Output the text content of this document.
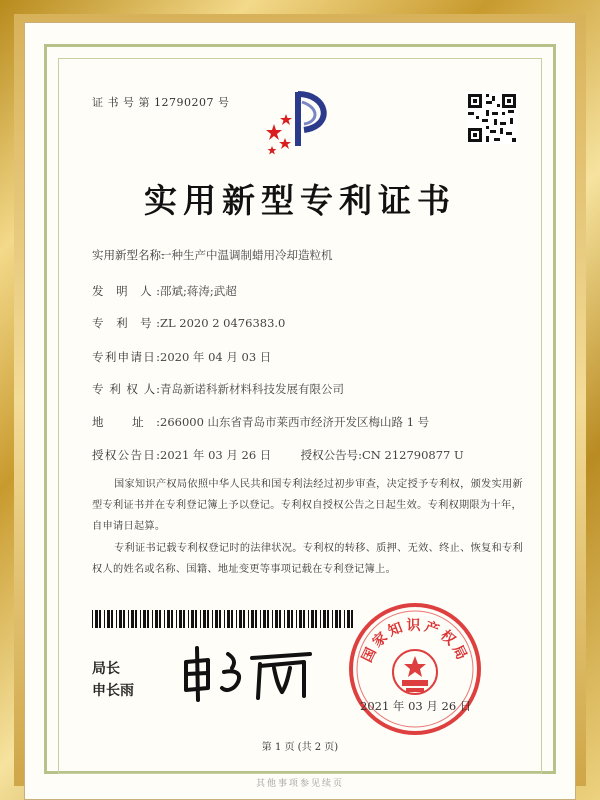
证 书 号 第 12790207 号
实用新型专利证书
实用新型名称:一种生产中温调制蜡用冷却造粒机
发 明 人:邵斌;蒋涛;武超
专 利 号:ZL 2020 2 0476383.0
专利申请日:2020 年 04 月 03 日
专 利 权 人:青岛新诺科新材料科技发展有限公司
地 址:266000 山东省青岛市莱西市经济开发区梅山路 1 号
授权公告日:2021 年 03 月 26 日	授权公告号:CN 212790877 U
国家知识产权局依照中华人民共和国专利法经过初步审查，决定授予专利权，颁发实用新型专利证书并在专利登记簿上予以登记。专利权自授权公告之日起生效。专利权期限为十年，自申请日起算。
专利证书记载专利权登记时的法律状况。专利权的转移、质押、无效、终止、恢复和专利权人的姓名或名称、国籍、地址变更等事项记载在专利登记簿上。
局长
申长雨
国家知识产权局
2021 年 03 月 26 日
第 1 页 (共 2 页)
其他事项参见续页
